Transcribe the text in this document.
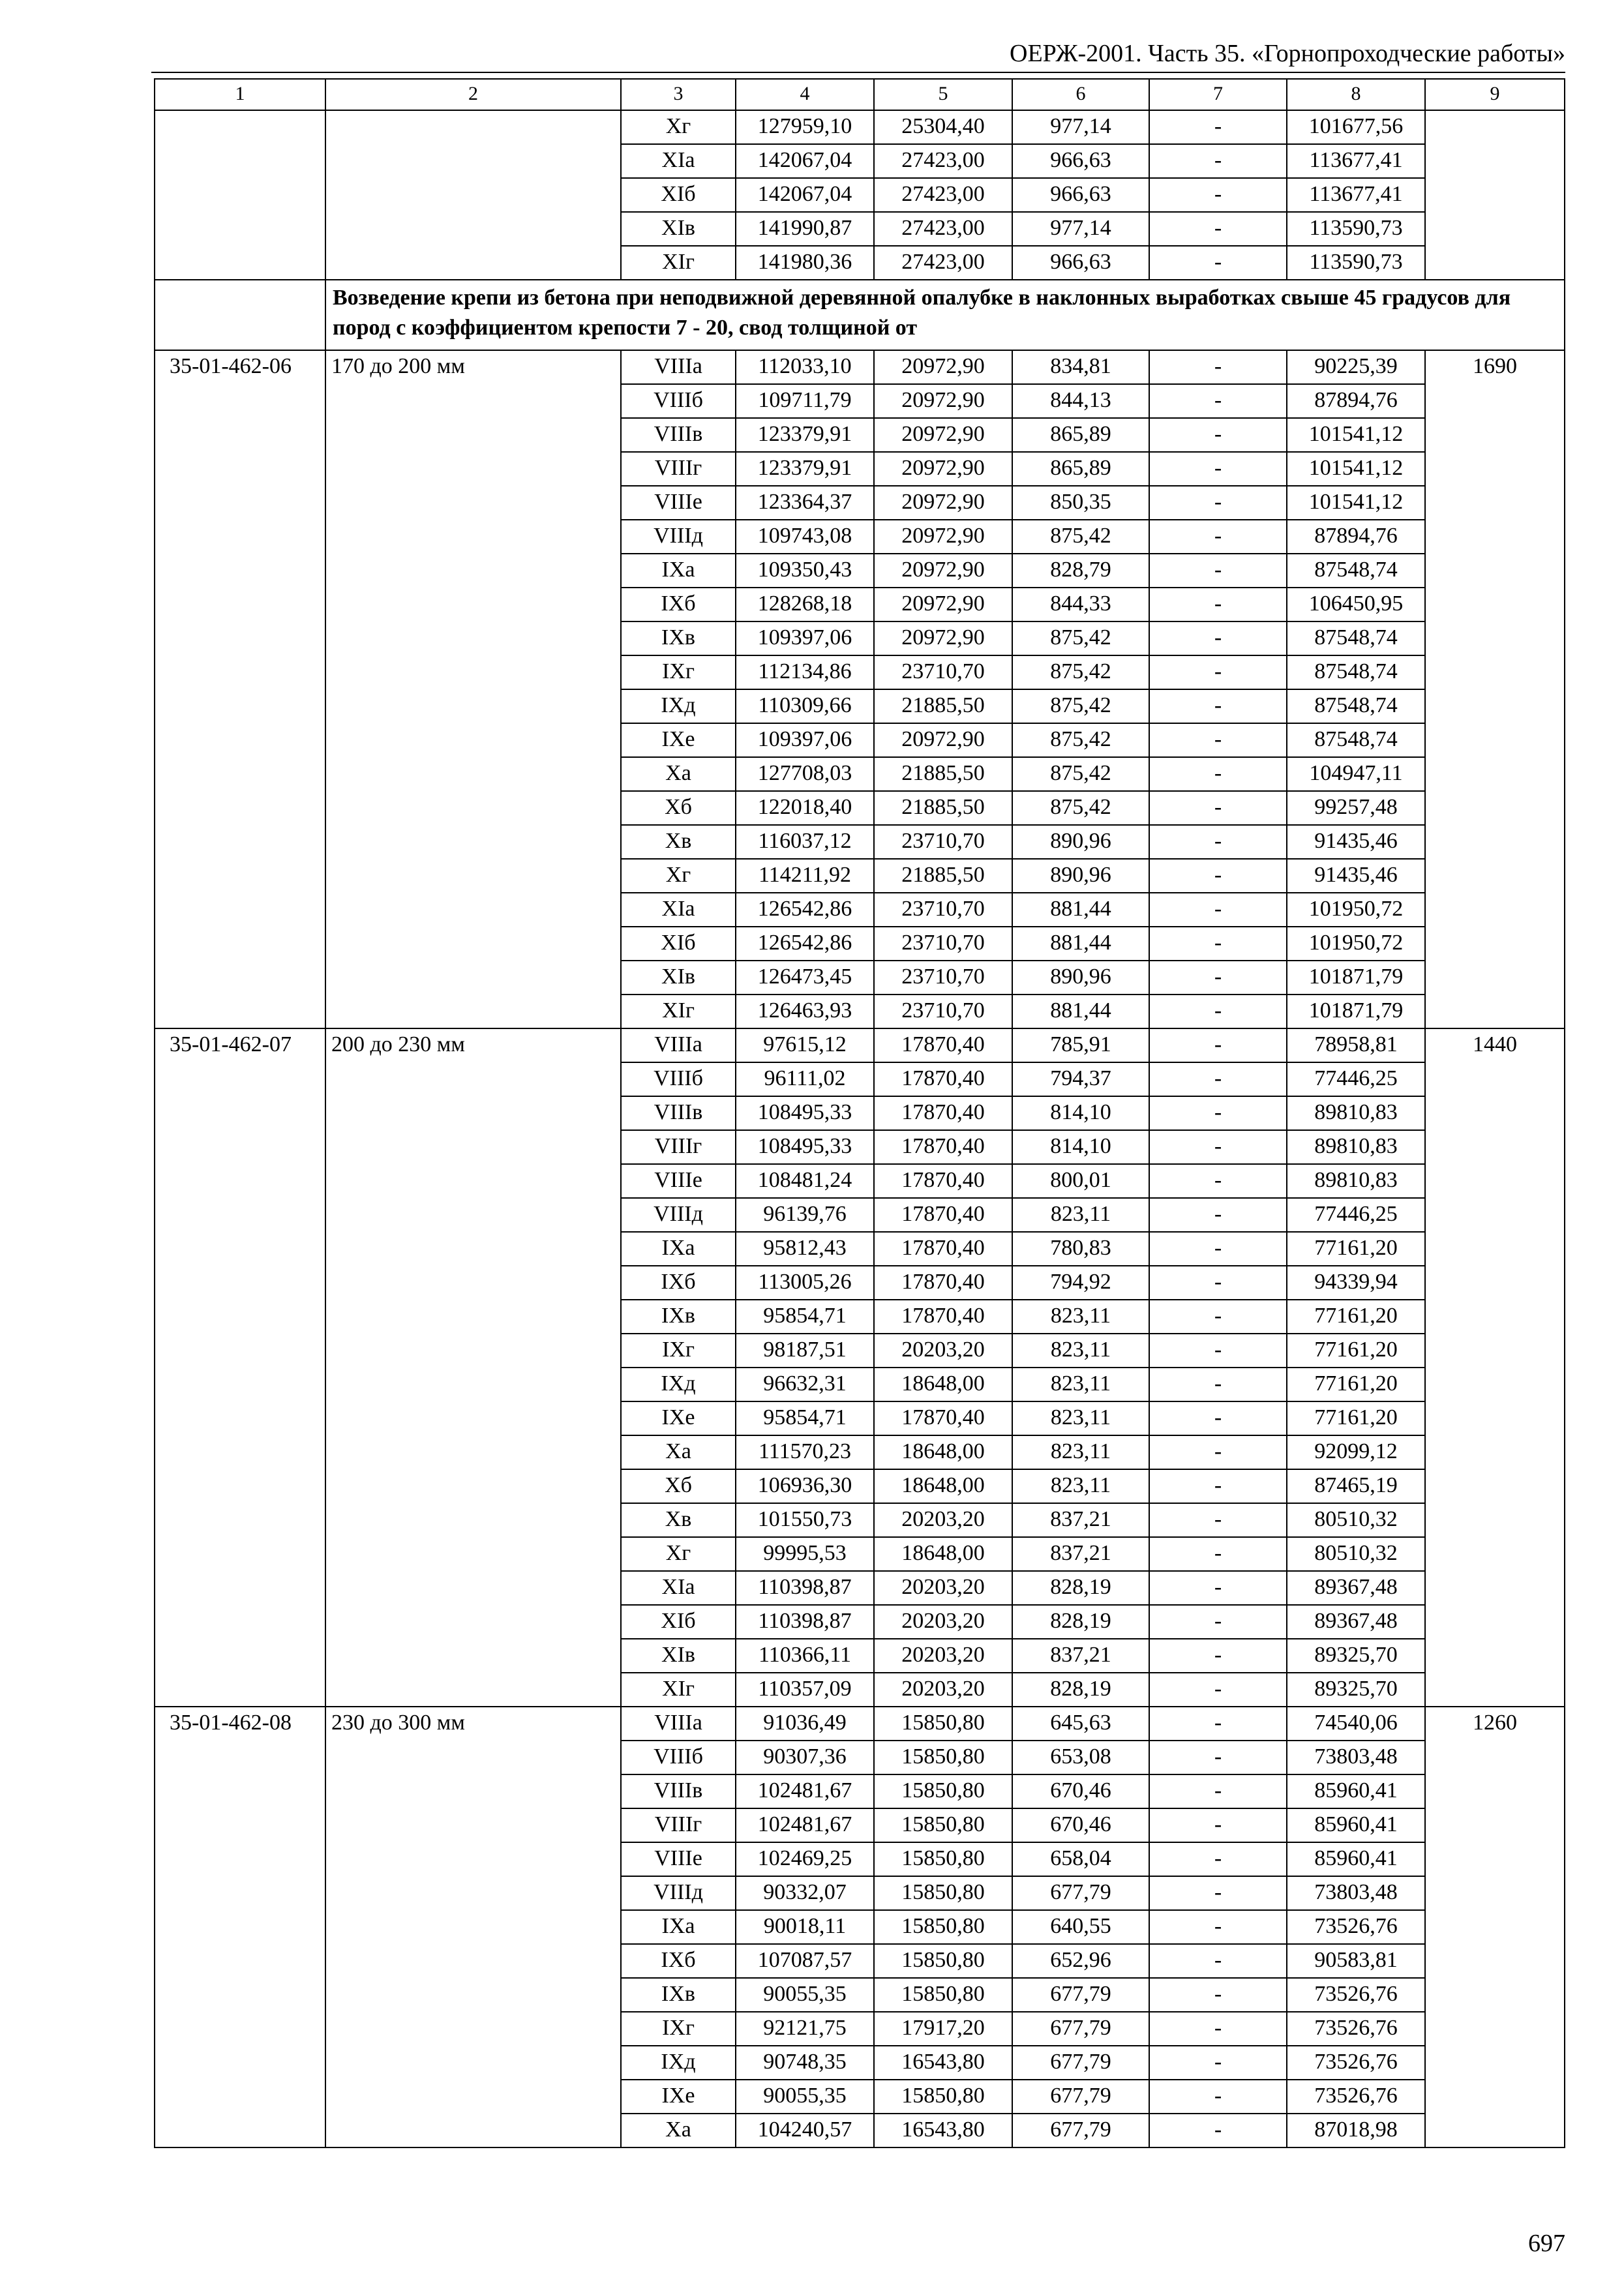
ОЕРЖ-2001. Часть 35. «Горнопроходческие работы»
1	2	3	4	5	6	7	8	9
		Xг	127959,10	25304,40	977,14	-	101677,56	
		XIа	142067,04	27423,00	966,63	-	113677,41	
		XIб	142067,04	27423,00	966,63	-	113677,41	
		XIв	141990,87	27423,00	977,14	-	113590,73	
		XIг	141980,36	27423,00	966,63	-	113590,73	
	Возведение крепи из бетона при неподвижной деревянной опалубке в наклонных выработках свыше 45 градусов для пород с коэффициентом крепости 7 - 20, свод толщиной от							
35-01-462-06	170 до 200 мм	VIIIа	112033,10	20972,90	834,81	-	90225,39	1690
		VIIIб	109711,79	20972,90	844,13	-	87894,76	
		VIIIв	123379,91	20972,90	865,89	-	101541,12	
		VIIIг	123379,91	20972,90	865,89	-	101541,12	
		VIIIе	123364,37	20972,90	850,35	-	101541,12	
		VIIIд	109743,08	20972,90	875,42	-	87894,76	
		IXа	109350,43	20972,90	828,79	-	87548,74	
		IXб	128268,18	20972,90	844,33	-	106450,95	
		IXв	109397,06	20972,90	875,42	-	87548,74	
		IXг	112134,86	23710,70	875,42	-	87548,74	
		IXд	110309,66	21885,50	875,42	-	87548,74	
		IXе	109397,06	20972,90	875,42	-	87548,74	
		Xа	127708,03	21885,50	875,42	-	104947,11	
		Xб	122018,40	21885,50	875,42	-	99257,48	
		Xв	116037,12	23710,70	890,96	-	91435,46	
		Xг	114211,92	21885,50	890,96	-	91435,46	
		XIа	126542,86	23710,70	881,44	-	101950,72	
		XIб	126542,86	23710,70	881,44	-	101950,72	
		XIв	126473,45	23710,70	890,96	-	101871,79	
		XIг	126463,93	23710,70	881,44	-	101871,79	
35-01-462-07	200 до 230 мм	VIIIа	97615,12	17870,40	785,91	-	78958,81	1440
		VIIIб	96111,02	17870,40	794,37	-	77446,25	
		VIIIв	108495,33	17870,40	814,10	-	89810,83	
		VIIIг	108495,33	17870,40	814,10	-	89810,83	
		VIIIе	108481,24	17870,40	800,01	-	89810,83	
		VIIIд	96139,76	17870,40	823,11	-	77446,25	
		IXа	95812,43	17870,40	780,83	-	77161,20	
		IXб	113005,26	17870,40	794,92	-	94339,94	
		IXв	95854,71	17870,40	823,11	-	77161,20	
		IXг	98187,51	20203,20	823,11	-	77161,20	
		IXд	96632,31	18648,00	823,11	-	77161,20	
		IXе	95854,71	17870,40	823,11	-	77161,20	
		Xа	111570,23	18648,00	823,11	-	92099,12	
		Xб	106936,30	18648,00	823,11	-	87465,19	
		Xв	101550,73	20203,20	837,21	-	80510,32	
		Xг	99995,53	18648,00	837,21	-	80510,32	
		XIа	110398,87	20203,20	828,19	-	89367,48	
		XIб	110398,87	20203,20	828,19	-	89367,48	
		XIв	110366,11	20203,20	837,21	-	89325,70	
		XIг	110357,09	20203,20	828,19	-	89325,70	
35-01-462-08	230 до 300 мм	VIIIа	91036,49	15850,80	645,63	-	74540,06	1260
		VIIIб	90307,36	15850,80	653,08	-	73803,48	
		VIIIв	102481,67	15850,80	670,46	-	85960,41	
		VIIIг	102481,67	15850,80	670,46	-	85960,41	
		VIIIе	102469,25	15850,80	658,04	-	85960,41	
		VIIIд	90332,07	15850,80	677,79	-	73803,48	
		IXа	90018,11	15850,80	640,55	-	73526,76	
		IXб	107087,57	15850,80	652,96	-	90583,81	
		IXв	90055,35	15850,80	677,79	-	73526,76	
		IXг	92121,75	17917,20	677,79	-	73526,76	
		IXд	90748,35	16543,80	677,79	-	73526,76	
		IXе	90055,35	15850,80	677,79	-	73526,76	
		Xа	104240,57	16543,80	677,79	-	87018,98	
697
